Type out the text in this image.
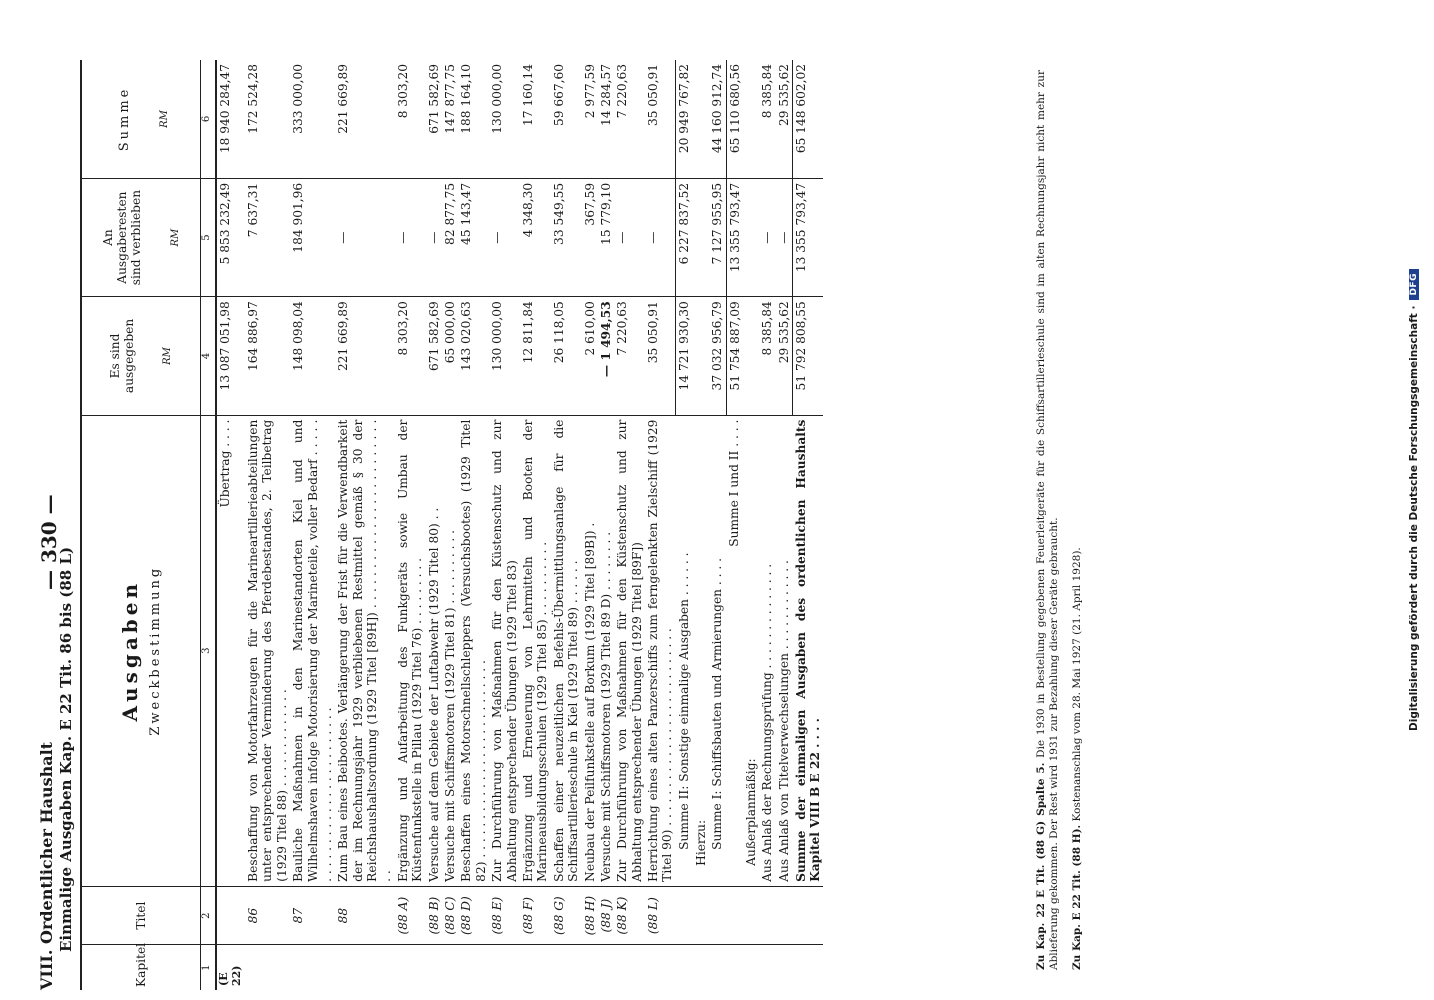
Digitalisierung gefördert durch die Deutsche Forschungsgemeinschaft ·
DFG
VIII. Ordentlicher Haushalt
— 330 —
Einmalige Ausgaben Kap. E 22 Tit. 86 bis (88 L)
Kapitel	Titel	Ausgaben Zweckbestimmung	Es sind ausgegeben RM	An Ausgaberesten sind verblieben RM	Summe RM

1	2	3	4	5	6
(E 22)		Übertrag . . . .	13 087 051,98	5 853 232,49	18 940 284,47
	86	Beschaffung von Motorfahrzeugen für die Marineartillerieabteilungen unter entsprechender Verminderung des Pferdebestandes, 2. Teilbetrag (1929 Titel 88) . . . . . . . . . . . . .	164 886,97	7 637,31	172 524,28
	87	Bauliche Maßnahmen in den Marinestandorten Kiel und und Wilhelmshaven infolge Motorisierung der Marineteile, voller Bedarf . . . . . . . . . . . . . . . . . . . . . . . . . . . .	148 098,04	184 901,96	333 000,00
	88	Zum Bau eines Beibootes. Verlängerung der Frist für die Verwendbarkeit der im Rechnungsjahr 1929 verbliebenen Restmittel gemäß § 30 der Reichshaushaltsordnung (1929 Titel [89H]) . . . . . . . . . . . . . . . . . . . . . . . . . .	221 669,89	—	221 669,89
	(88 A)	Ergänzung und Aufarbeitung des Funkgeräts sowie Umbau der Küstenfunkstelle in Pillau (1929 Titel 76) . . . . . . . . .	8 303,20	—	8 303,20
	(88 B)	Versuche auf dem Gebiete der Luftabwehr (1929 Titel 80) . .	671 582,69	—	671 582,69
	(88 C)	Versuche mit Schiffsmotoren (1929 Titel 81) . . . . . . . . . .	65 000,00	82 877,75	147 877,75
	(88 D)	Beschaffen eines Motorschnellschleppers (Versuchsbootes) (1929 Titel 82) . . . . . . . . . . . . . . . . . . . . . . . . . .	143 020,63	45 143,47	188 164,10
	(88 E)	Zur Durchführung von Maßnahmen für den Küstenschutz und zur Abhaltung entsprechender Übungen (1929 Titel 83)	130 000,00	—	130 000,00
	(88 F)	Ergänzung und Erneuerung von Lehrmitteln und Booten der Marineausbildungsschulen (1929 Titel 85) . . . . . . . . . .	12 811,84	4 348,30	17 160,14
	(88 G)	Schaffen einer neuzeitlichen Befehls-Übermittlungsanlage für die Schiffsartillerieschule in Kiel (1929 Titel 89) . . . . . .	26 118,05	33 549,55	59 667,60
	(88 H)	Neubau der Peilfunkstelle auf Borkum (1929 Titel [89B]) .	2 610,00	367,59	2 977,59
	(88 J)	Versuche mit Schiffsmotoren (1929 Titel 89 D) . . . . . . . .	— 1 494,53	15 779,10	14 284,57
	(88 K)	Zur Durchführung von Maßnahmen für den Küstenschutz und zur Abhaltung entsprechender Übungen (1929 Titel [89F])	7 220,63	—	7 220,63
	(88 L)	Herrichtung eines alten Panzerschiffs zum ferngelenkten Zielschiff (1929 Titel 90) . . . . . . . . . . . . . . . . . . . . . . . . . .	35 050,91	—	35 050,91
		Summe II: Sonstige einmalige Ausgaben . . . . . .	14 721 930,30	6 227 837,52	20 949 767,82
		Hierzu:			
		Summe I: Schiffsbauten und Armierungen . . . .	37 032 956,79	7 127 955,95	44 160 912,74
		Summe I und II . . . .	51 754 887,09	13 355 793,47	65 110 680,56
		Außerplanmäßig:			
		Aus Anlaß der Rechnungsprüfung . . . . . . . . . . . . . .	8 385,84	—	8 385,84
		Aus Anlaß von Titelverwechselungen . . . . . . . . . . . .	29 535,62	—	29 535,62
		Summe der einmaligen Ausgaben des ordentlichen Haushalts Kapitel VIII B E 22 . . . .	51 792 808,55	13 355 793,47	65 148 602,02

Zu Kap. 22 E Tit. (88 G) Spalte 5. Die 1930 in Bestellung gegebenen Feuerleitgeräte für die Schiffsartillerieschule sind im alten Rechnungsjahr nicht mehr zur Ablieferung gekommen. Der Rest wird 1931 zur Bezahlung dieser Geräte gebraucht. Zu Kap. E 22 Tit. (88 H). Kostenanschlag vom 28. Mai 1927 (21. April 1928).
